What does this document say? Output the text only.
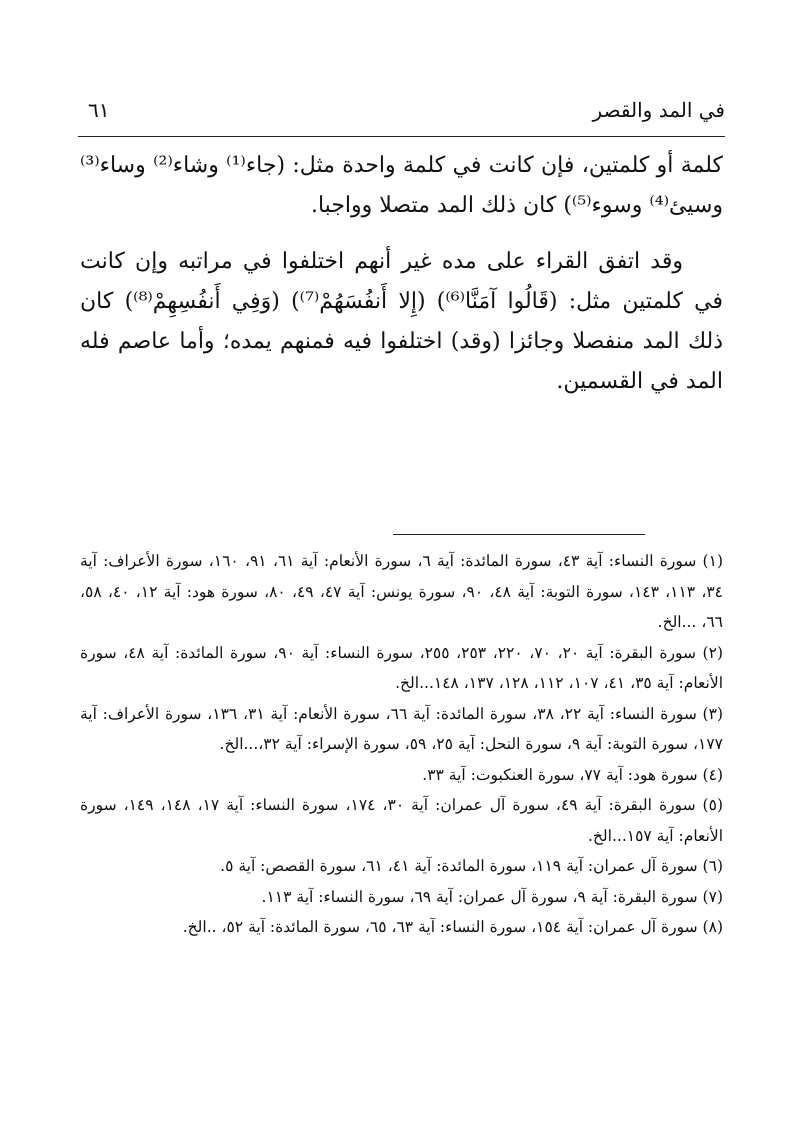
في المد والقصر
٦١

كلمة أو كلمتين، فإن كانت في كلمة واحدة مثل: (جاء⁽¹⁾ وشاء⁽²⁾ وساء⁽³⁾ وسيئ⁽⁴⁾ وسوء⁽⁵⁾) كان ذلك المد متصلا وواجبا.

وقد اتفق القراء على مده غير أنهم اختلفوا في مراتبه وإن كانت في كلمتين مثل: (قَالُوا آمَنَّا⁽⁶⁾) (إِلا أَنفُسَهُمْ⁽⁷⁾) (وَفِي أَنفُسِهِمْ⁽⁸⁾) كان ذلك المد منفصلا وجائزا (وقد) اختلفوا فيه فمنهم يمده؛ وأما عاصم فله المد في القسمين.

(١) سورة النساء: آية ٤٣، سورة المائدة: آية ٦، سورة الأنعام: آية ٦١، ٩١، ١٦٠، سورة الأعراف: آية ٣٤، ١١٣، ١٤٣، سورة التوبة: آية ٤٨، ٩٠، سورة يونس: آية ٤٧، ٤٩، ٨٠، سورة هود: آية ١٢، ٤٠، ٥٨، ٦٦، ...الخ.

(٢) سورة البقرة: آية ٢٠، ٧٠، ٢٢٠، ٢٥٣، ٢٥٥، سورة النساء: آية ٩٠، سورة المائدة: آية ٤٨، سورة الأنعام: آية ٣٥، ٤١، ١٠٧، ١١٢، ١٢٨، ١٣٧، ١٤٨...الخ.

(٣) سورة النساء: آية ٢٢، ٣٨، سورة المائدة: آية ٦٦، سورة الأنعام: آية ٣١، ١٣٦، سورة الأعراف: آية ١٧٧، سورة التوبة: آية ٩، سورة النحل: آية ٢٥، ٥٩، سورة الإسراء: آية ٣٢،...الخ.

(٤) سورة هود: آية ٧٧، سورة العنكبوت: آية ٣٣.

(٥) سورة البقرة: آية ٤٩، سورة آل عمران: آية ٣٠، ١٧٤، سورة النساء: آية ١٧، ١٤٨، ١٤٩، سورة الأنعام: آية ١٥٧...الخ.

(٦) سورة آل عمران: آية ١١٩، سورة المائدة: آية ٤١، ٦١، سورة القصص: آية ٥.

(٧) سورة البقرة: آية ٩، سورة آل عمران: آية ٦٩، سورة النساء: آية ١١٣.

(٨) سورة آل عمران: آية ١٥٤، سورة النساء: آية ٦٣، ٦٥، سورة المائدة: آية ٥٢، ..الخ.
